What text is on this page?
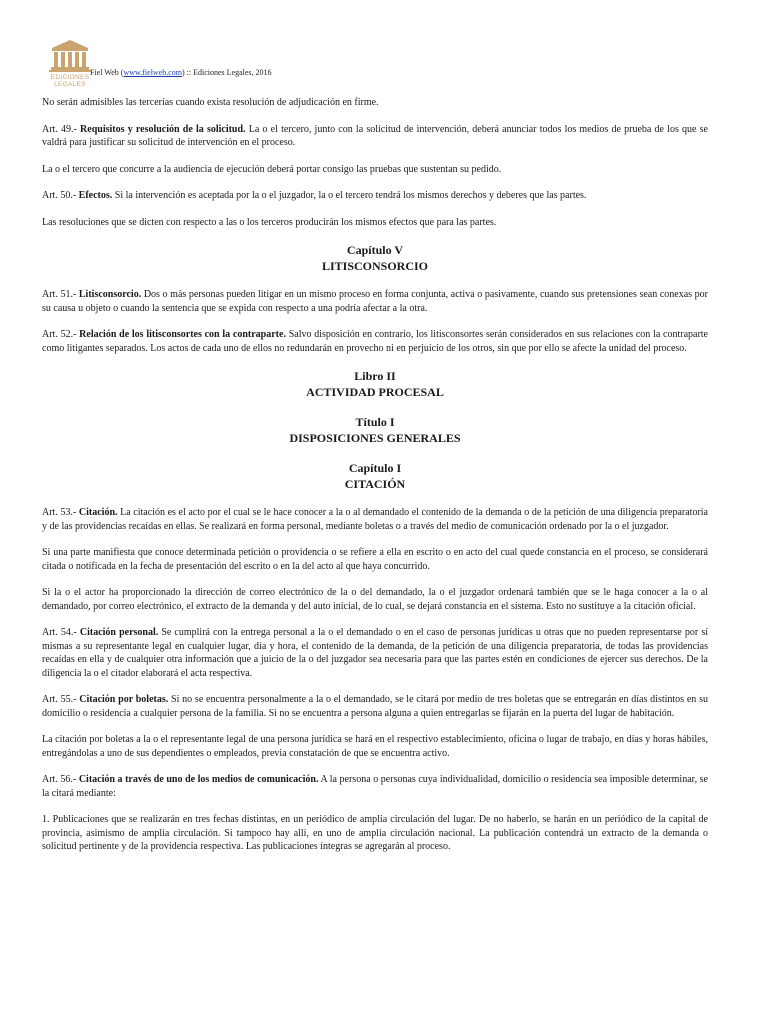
EDICIONES
LEGALES
Fiel Web (www.fielweb.com) :: Ediciones Legales, 2016

No serán admisibles las tercerías cuando exista resolución de adjudicación en firme.

Art. 49.- Requisitos y resolución de la solicitud. La o el tercero, junto con la solicitud de intervención, deberá anunciar todos los medios de prueba de los que se valdrá para justificar su solicitud de intervención en el proceso.

La o el tercero que concurre a la audiencia de ejecución deberá portar consigo las pruebas que sustentan su pedido.

Art. 50.- Efectos. Si la intervención es aceptada por la o el juzgador, la o el tercero tendrá los mismos derechos y deberes que las partes.

Las resoluciones que se dicten con respecto a las o los terceros producirán los mismos efectos que para las partes.

Capítulo V
LITISCONSORCIO

Art. 51.- Litisconsorcio. Dos o más personas pueden litigar en un mismo proceso en forma conjunta, activa o pasivamente, cuando sus pretensiones sean conexas por su causa u objeto o cuando la sentencia que se expida con respecto a una podría afectar a la otra.

Art. 52.- Relación de los litisconsortes con la contraparte. Salvo disposición en contrario, los litisconsortes serán considerados en sus relaciones con la contraparte como litigantes separados. Los actos de cada uno de ellos no redundarán en provecho ni en perjuicio de los otros, sin que por ello se afecte la unidad del proceso.

Libro II
ACTIVIDAD PROCESAL
Título I
DISPOSICIONES GENERALES
Capítulo I
CITACIÓN

Art. 53.- Citación. La citación es el acto por el cual se le hace conocer a la o al demandado el contenido de la demanda o de la petición de una diligencia preparatoria y de las providencias recaídas en ellas. Se realizará en forma personal, mediante boletas o a través del medio de comunicación ordenado por la o el juzgador.

Si una parte manifiesta que conoce determinada petición o providencia o se refiere a ella en escrito o en acto del cual quede constancia en el proceso, se considerará citada o notificada en la fecha de presentación del escrito o en la del acto al que haya concurrido.

Si la o el actor ha proporcionado la dirección de correo electrónico de la o del demandado, la o el juzgador ordenará también que se le haga conocer a la o al demandado, por correo electrónico, el extracto de la demanda y del auto inicial, de lo cual, se dejará constancia en el sistema. Esto no sustituye a la citación oficial.

Art. 54.- Citación personal. Se cumplirá con la entrega personal a la o el demandado o en el caso de personas jurídicas u otras que no pueden representarse por sí mismas a su representante legal en cualquier lugar, día y hora, el contenido de la demanda, de la petición de una diligencia preparatoria, de todas las providencias recaídas en ella y de cualquier otra información que a juicio de la o del juzgador sea necesaria para que las partes estén en condiciones de ejercer sus derechos. De la diligencia la o el citador elaborará el acta respectiva.

Art. 55.- Citación por boletas. Si no se encuentra personalmente a la o el demandado, se le citará por medio de tres boletas que se entregarán en días distintos en su domicilio o residencia a cualquier persona de la familia. Si no se encuentra a persona alguna a quien entregarlas se fijarán en la puerta del lugar de habitación.

La citación por boletas a la o el representante legal de una persona jurídica se hará en el respectivo establecimiento, oficina o lugar de trabajo, en días y horas hábiles, entregándolas a uno de sus dependientes o empleados, previa constatación de que se encuentra activo.

Art. 56.- Citación a través de uno de los medios de comunicación. A la persona o personas cuya individualidad, domicilio o residencia sea imposible determinar, se la citará mediante:

1. Publicaciones que se realizarán en tres fechas distintas, en un periódico de amplia circulación del lugar. De no haberlo, se harán en un periódico de la capital de provincia, asimismo de amplia circulación. Si tampoco hay allí, en uno de amplia circulación nacional. La publicación contendrá un extracto de la demanda o solicitud pertinente y de la providencia respectiva. Las publicaciones íntegras se agregarán al proceso.
